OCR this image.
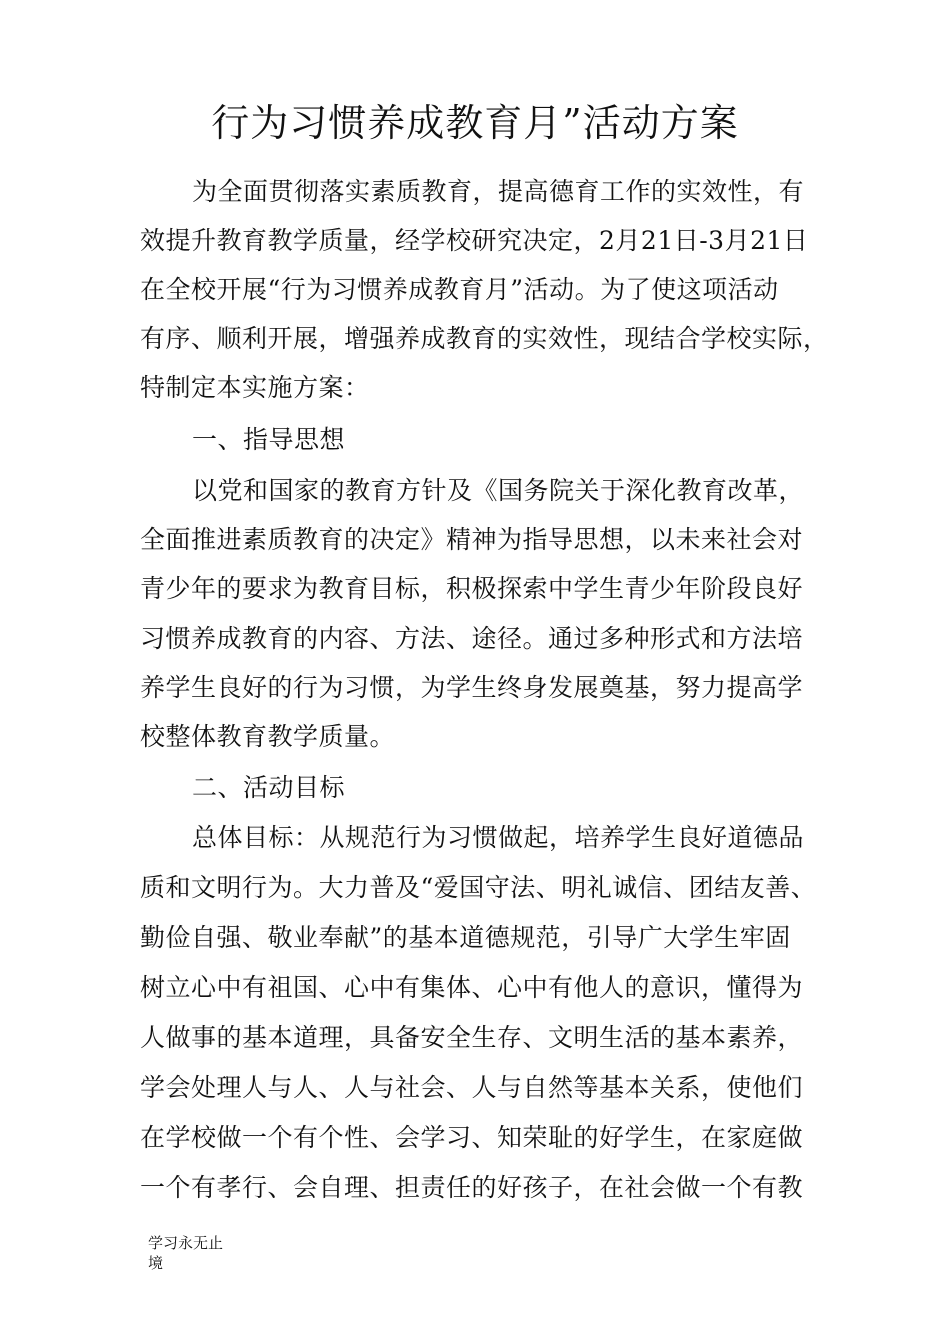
行为习惯养成教育月”活动方案
为全面贯彻落实素质教育，提高德育工作的实效性，有
效提升教育教学质量，经学校研究决定，2月21日-3月21日
在全校开展“行为习惯养成教育月”活动。为了使这项活动
有序、顺利开展，增强养成教育的实效性，现结合学校实际，
特制定本实施方案：
一、指导思想
以党和国家的教育方针及《国务院关于深化教育改革，
全面推进素质教育的决定》精神为指导思想，以未来社会对
青少年的要求为教育目标，积极探索中学生青少年阶段良好
习惯养成教育的内容、方法、途径。通过多种形式和方法培
养学生良好的行为习惯，为学生终身发展奠基，努力提高学
校整体教育教学质量。
二、活动目标
总体目标：从规范行为习惯做起，培养学生良好道德品
质和文明行为。大力普及“爱国守法、明礼诚信、团结友善、
勤俭自强、敬业奉献”的基本道德规范，引导广大学生牢固
树立心中有祖国、心中有集体、心中有他人的意识，懂得为
人做事的基本道理，具备安全生存、文明生活的基本素养，
学会处理人与人、人与社会、人与自然等基本关系，使他们
在学校做一个有个性、会学习、知荣耻的好学生，在家庭做
一个有孝行、会自理、担责任的好孩子，在社会做一个有教
学习永无止
境
